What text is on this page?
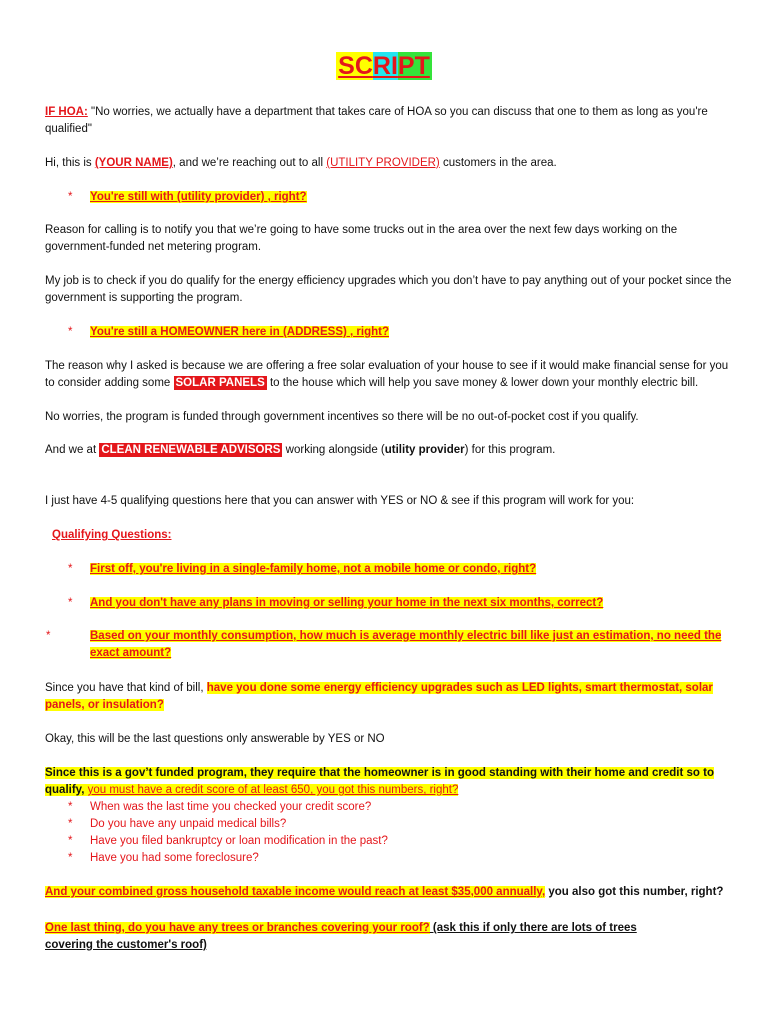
SCRIPT

IF HOA: "No worries, we actually have a department that takes care of HOA so you can discuss that one to them as long as you're qualified"

Hi, this is (YOUR NAME), and we’re reaching out to all (UTILITY PROVIDER) customers in the area.

* You're still with (utility provider) , right?

Reason for calling is to notify you that we’re going to have some trucks out in the area over the next few days working on the government-funded net metering program.

My job is to check if you do qualify for the energy efficiency upgrades which you don’t have to pay anything out of your pocket since the government is supporting the program.

* You're still a HOMEOWNER here in (ADDRESS) , right?

The reason why I asked is because we are offering a free solar evaluation of your house to see if it would make financial sense for you to consider adding some SOLAR PANELS to the house which will help you save money & lower down your monthly electric bill.

No worries, the program is funded through government incentives so there will be no out-of-pocket cost if you qualify.

And we at CLEAN RENEWABLE ADVISORS working alongside (utility provider) for this program.

I just have 4-5 qualifying questions here that you can answer with YES or NO & see if this program will work for you:

Qualifying Questions:

* First off, you're living in a single-family home, not a mobile home or condo, right?

* And you don't have any plans in moving or selling your home in the next six months, correct?

*	Based on your monthly consumption, how much is average monthly electric bill like just an estimation, no need the exact amount?

Since you have that kind of bill, have you done some energy efficiency upgrades such as LED lights, smart thermostat, solar panels, or insulation?

Okay, this will be the last questions only answerable by YES or NO

Since this is a gov’t funded program, they require that the homeowner is in good standing with their home and credit so to qualify, you must have a credit score of at least 650, you got this numbers, right?

* When was the last time you checked your credit score?

* Do you have any unpaid medical bills?

* Have you filed bankruptcy or loan modification in the past?

* Have you had some foreclosure?

And your combined gross household taxable income would reach at least $35,000 annually, you also got this number, right?

One last thing, do you have any trees or branches covering your roof? (ask this if only there are lots of trees covering the customer's roof)
